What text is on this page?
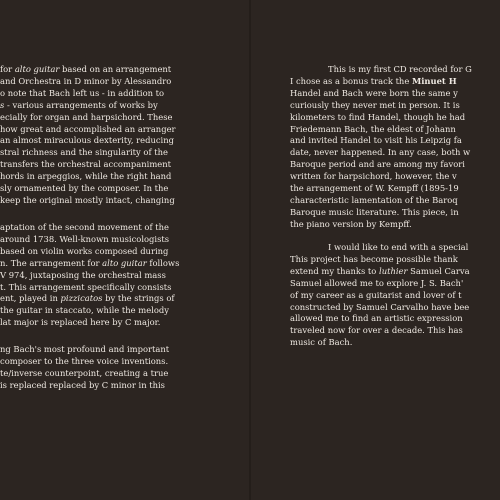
for alto guitar based on an arrangement
and Orchestra in D minor by Alessandro
o note that Bach left us - in addition to
s - various arrangements of works by
ecially for organ and harpsichord. These
how great and accomplished an arranger
an almost miraculous dexterity, reducing
stral richness and the singularity of the
transfers the orchestral accompaniment
hords in arpeggios, while the right hand
sly ornamented by the composer. In the
keep the original mostly intact, changing
aptation of the second movement of the
around 1738. Well-known musicologists
based on violin works composed during
n. The arrangement for alto guitar follows
V 974, juxtaposing the orchestral mass
t. This arrangement specifically consists
ent, played in pizzicatos by the strings of
the guitar in staccato, while the melody
lat major is replaced here by C major.
ng Bach's most profound and important
composer to the three voice inventions.
te/inverse counterpoint, creating a true
is replaced replaced by C minor in this
This is my first CD recorded for G
I chose as a bonus track the Minuet H
Handel and Bach were born the same y
curiously they never met in person. It is
kilometers to find Handel, though he had
Friedemann Bach, the eldest of Johann
and invited Handel to visit his Leipzig fa
date, never happened. In any case, both w
Baroque period and are among my favori
written for harpsichord, however, the v
the arrangement of W. Kempff (1895-19
characteristic lamentation of the Baroq
Baroque music literature. This piece, in
the piano version by Kempff.
I would like to end with a special
This project has become possible thank
extend my thanks to luthier Samuel Carva
Samuel allowed me to explore J. S. Bach'
of my career as a guitarist and lover of t
constructed by Samuel Carvalho have bee
allowed me to find an artistic expression
traveled now for over a decade. This has
music of Bach.
